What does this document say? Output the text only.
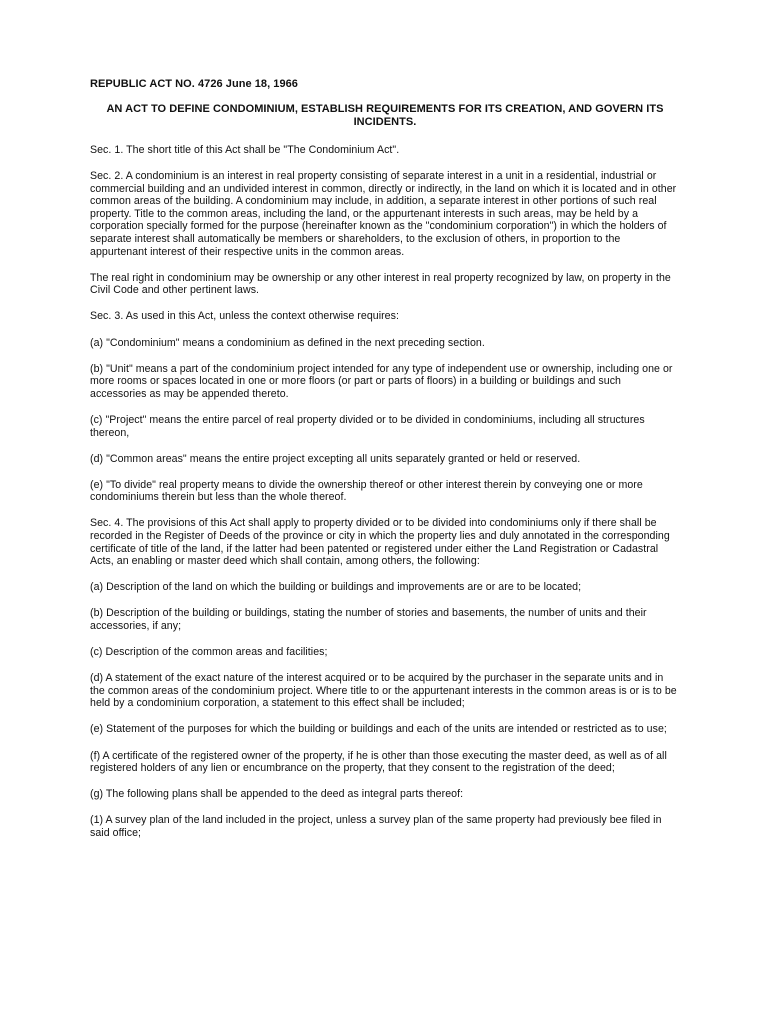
REPUBLIC ACT NO. 4726 June 18, 1966
AN ACT TO DEFINE CONDOMINIUM, ESTABLISH REQUIREMENTS FOR ITS CREATION, AND GOVERN ITS INCIDENTS.

Sec. 1. The short title of this Act shall be "The Condominium Act".

Sec. 2. A condominium is an interest in real property consisting of separate interest in a unit in a residential, industrial or commercial building and an undivided interest in common, directly or indirectly, in the land on which it is located and in other common areas of the building. A condominium may include, in addition, a separate interest in other portions of such real property. Title to the common areas, including the land, or the appurtenant interests in such areas, may be held by a corporation specially formed for the purpose (hereinafter known as the "condominium corporation") in which the holders of separate interest shall automatically be members or shareholders, to the exclusion of others, in proportion to the appurtenant interest of their respective units in the common areas.

The real right in condominium may be ownership or any other interest in real property recognized by law, on property in the Civil Code and other pertinent laws.

Sec. 3. As used in this Act, unless the context otherwise requires:

(a) "Condominium" means a condominium as defined in the next preceding section.

(b) "Unit" means a part of the condominium project intended for any type of independent use or ownership, including one or more rooms or spaces located in one or more floors (or part or parts of floors) in a building or buildings and such accessories as may be appended thereto.

(c) "Project" means the entire parcel of real property divided or to be divided in condominiums, including all structures thereon,

(d) "Common areas" means the entire project excepting all units separately granted or held or reserved.

(e) "To divide" real property means to divide the ownership thereof or other interest therein by conveying one or more condominiums therein but less than the whole thereof.

Sec. 4. The provisions of this Act shall apply to property divided or to be divided into condominiums only if there shall be recorded in the Register of Deeds of the province or city in which the property lies and duly annotated in the corresponding certificate of title of the land, if the latter had been patented or registered under either the Land Registration or Cadastral Acts, an enabling or master deed which shall contain, among others, the following:

(a) Description of the land on which the building or buildings and improvements are or are to be located;

(b) Description of the building or buildings, stating the number of stories and basements, the number of units and their accessories, if any;

(c) Description of the common areas and facilities;

(d) A statement of the exact nature of the interest acquired or to be acquired by the purchaser in the separate units and in the common areas of the condominium project. Where title to or the appurtenant interests in the common areas is or is to be held by a condominium corporation, a statement to this effect shall be included;

(e) Statement of the purposes for which the building or buildings and each of the units are intended or restricted as to use;

(f) A certificate of the registered owner of the property, if he is other than those executing the master deed, as well as of all registered holders of any lien or encumbrance on the property, that they consent to the registration of the deed;

(g) The following plans shall be appended to the deed as integral parts thereof:

(1) A survey plan of the land included in the project, unless a survey plan of the same property had previously bee filed in said office;
